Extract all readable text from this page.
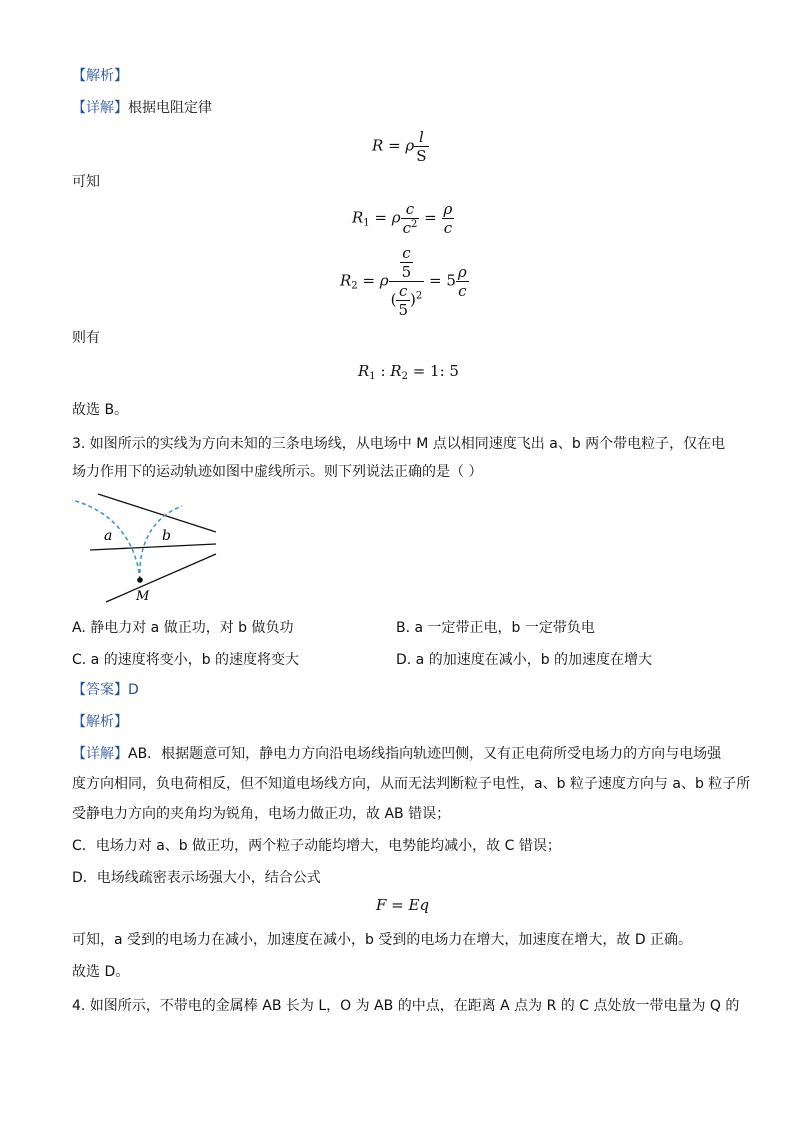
【解析】
【详解】根据电阻定律
R = ρ $\frac{l}{S}$
可知
$R_1 = \rho \frac{c}{c^2} = \frac{\rho}{c}$
$R_2 = \rho \frac{\frac{c}{5}}{( \frac{c}{5} )^2} = 5 \frac{\rho}{c}$
则有
$R_1$ : $R_2 = 1$: 5
故选 B。
3. 如图所示的实线为方向未知的三条电场线，从电场中 M 点以相同速度飞出 a、b 两个带电粒子，仅在电
场力作用下的运动轨迹如图中虚线所示。则下列说法正确的是（ ）
a	b
M
A. 静电力对 a 做正功，对 b 做负功	B. a 一定带正电，b 一定带负电
C. a 的速度将变小，b 的速度将变大	D. a 的加速度在减小，b 的加速度在增大
【答案】D
【解析】
【详解】AB．根据题意可知，静电力方向沿电场线指向轨迹凹侧，又有正电荷所受电场力的方向与电场强
度方向相同，负电荷相反，但不知道电场线方向，从而无法判断粒子电性，a、b 粒子速度方向与 a、b 粒子所
受静电力方向的夹角均为锐角，电场力做正功，故 AB 错误；
C．电场力对 a、b 做正功，两个粒子动能均增大，电势能均减小，故 C 错误；
D．电场线疏密表示场强大小，结合公式
F = Eq
可知，a 受到的电场力在减小，加速度在减小，b 受到的电场力在增大，加速度在增大，故 D 正确。
故选 D。
4. 如图所示，不带电的金属棒 AB 长为 L，O 为 AB 的中点，在距离 A 点为 R 的 C 点处放一带电量为 Q 的
